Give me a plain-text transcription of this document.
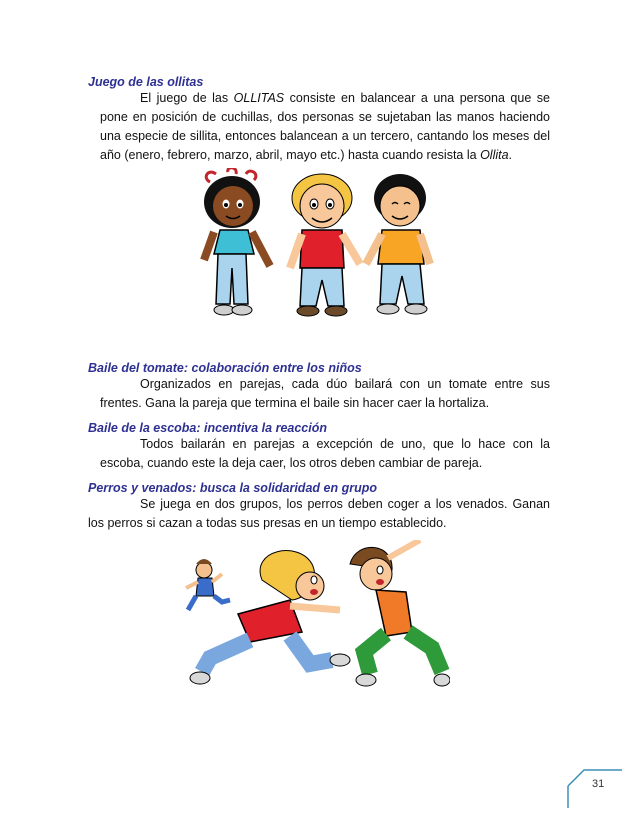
Juego de las ollitas

El juego de las OLLITAS consiste en balancear a una persona que se
pone en posición de cuchillas, dos personas se sujetaban las manos haciendo
una especie de sillita, entonces balancean a un tercero, cantando los meses del
año (enero, febrero, marzo, abril, mayo etc.) hasta cuando resista la Ollita.

Baile del tomate: colaboración entre los niños

Organizados en parejas, cada dúo bailará con un tomate entre sus
frentes. Gana la pareja que termina el baile sin hacer caer la hortaliza.

Baile de la escoba: incentiva la reacción

Todos bailarán en parejas a excepción de uno, que lo hace con la
escoba, cuando este la deja caer, los otros deben cambiar de pareja.

Perros y venados: busca la solidaridad en grupo

Se juega en dos grupos, los perros deben coger a los venados. Ganan
los perros si cazan a todas sus presas en un tiempo establecido.
31
